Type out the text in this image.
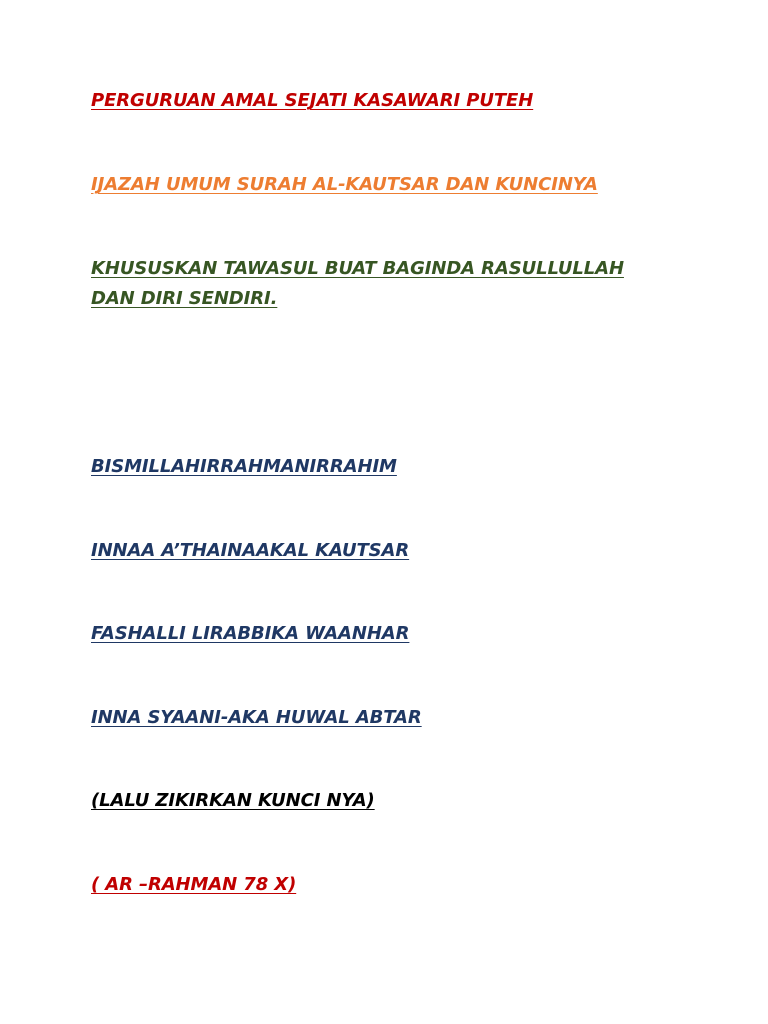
PERGURUAN AMAL SEJATI KASAWARI PUTEH
IJAZAH UMUM SURAH AL-KAUTSAR DAN KUNCINYA
KHUSUSKAN TAWASUL BUAT BAGINDA RASULLULLAH
DAN DIRI SENDIRI.
BISMILLAHIRRAHMANIRRAHIM
INNAA A’THAINAAKAL KAUTSAR
FASHALLI LIRABBIKA WAANHAR
INNA SYAANI-AKA HUWAL ABTAR
(LALU ZIKIRKAN KUNCI NYA)
( AR –RAHMAN 78 X)
